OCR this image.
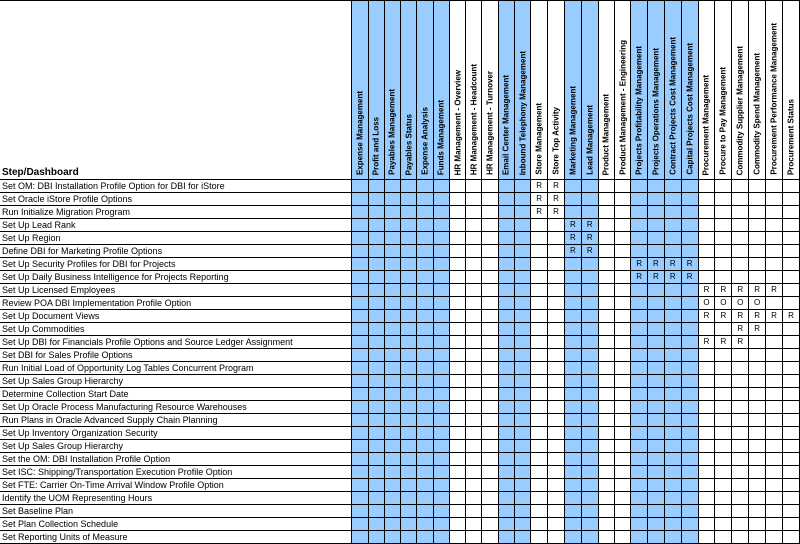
Step/Dashboard	Expense Management	Profit and Loss	Payables Management	Payables Status	Expense Analysis	Funds Management	HR Management - Overview	HR Management - Headcount	HR Management - Turnover	Email Center Management	Inbound Telephony Management	Store Management	Store Top Activity	Marketing Management	Lead Management	Product Management	Product Management - Engineering	Projects Profitability Management	Projects Operations Management	Contract Projects Cost Management	Capital Projects Cost Management	Procurement Management	Procure to Pay Management	Commodity Supplier Management	Commodity Spend Management	Procurement Performance Management	Procurement Status

Set OM: DBI Installation Profile Option for DBI for iStore												R	R														
Set Oracle iStore Profile Options												R	R														
Run Initialize Migration Program												R	R														
Set Up Lead Rank														R	R												
Set Up Region														R	R												
Define DBI for Marketing Profile Options														R	R												
Set Up Security Profiles for DBI for Projects																		R	R	R	R						
Set Up Daily Business Intelligence for Projects Reporting																		R	R	R	R						
Set Up Licensed Employees																						R	R	R	R	R	
Review POA DBI Implementation Profile Option																						O	O	O	O		
Set Up Document Views																						R	R	R	R	R	R
Set Up Commodities																								R	R		
Set Up DBI for Financials Profile Options and Source Ledger Assignment																						R	R	R			
Set DBI for Sales Profile Options																											
Run Initial Load of Opportunity Log Tables Concurrent Program																											
Set Up Sales Group Hierarchy																											
Determine Collection Start Date																											
Set Up Oracle Process Manufacturing Resource Warehouses																											
Run Plans in Oracle Advanced Supply Chain Planning																											
Set Up Inventory Organization Security																											
Set Up Sales Group Hierarchy																											
Set the OM: DBI Installation Profile Option																											
Set ISC: Shipping/Transportation Execution Profile Option																											
Set FTE: Carrier On-Time Arrival Window Profile Option																											
Identify the UOM Representing Hours																											
Set Baseline Plan																											
Set Plan Collection Schedule																											
Set Reporting Units of Measure																											
